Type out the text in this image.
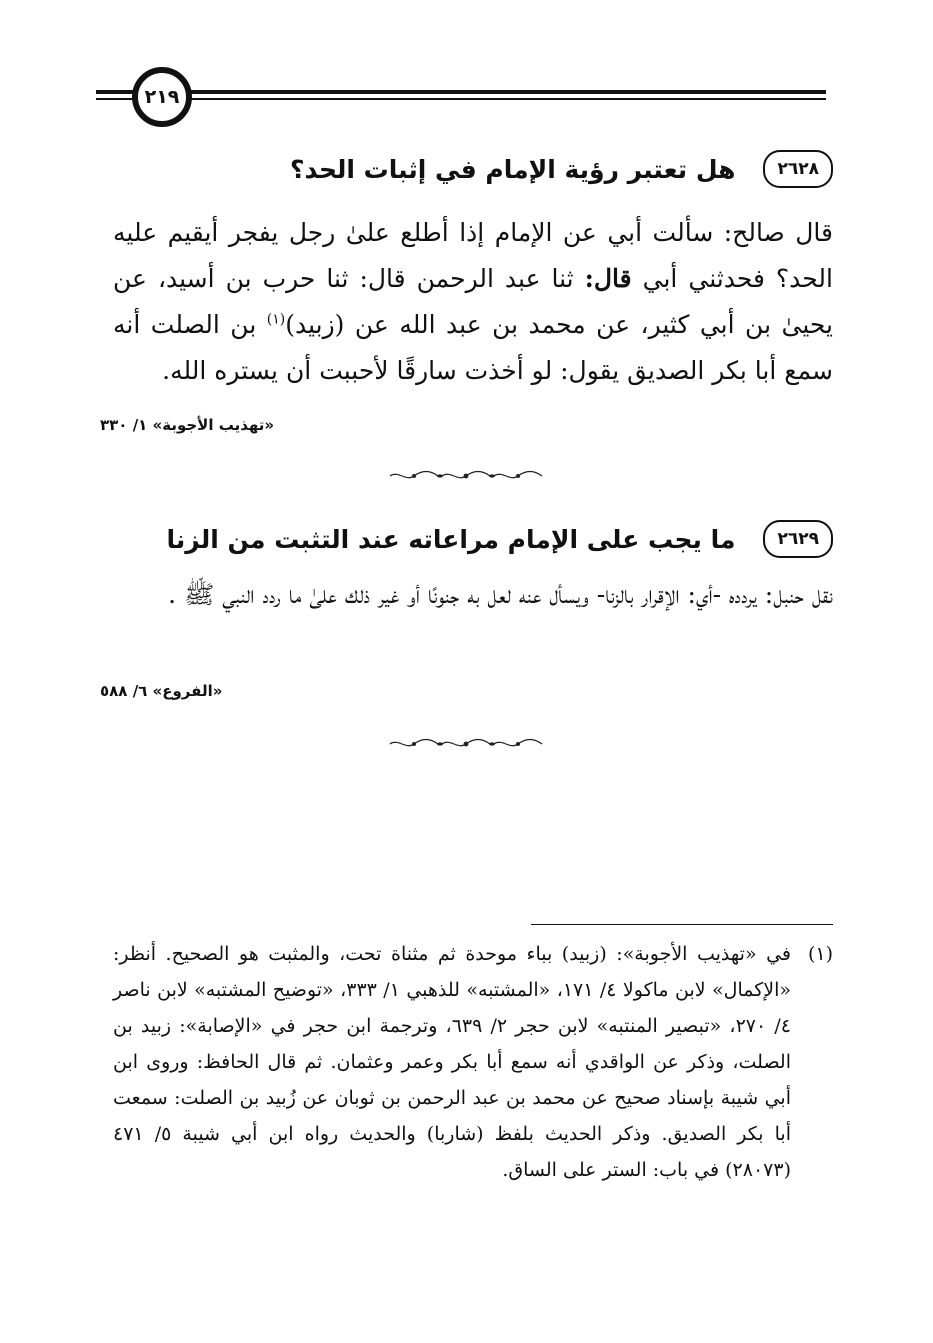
٢١٩
٢٦٢٨
هل تعتبر رؤية الإمام في إثبات الحد؟
قال صالح: سألت أبي عن الإمام إذا أطلع علىٰ رجل يفجر أيقيم عليه الحد؟ فحدثني أبي قال: ثنا عبد الرحمن قال: ثنا حرب بن أسيد، عن يحيىٰ بن أبي كثير، عن محمد بن عبد الله عن (زبيد)$^{(١)}$ بن الصلت أنه سمع أبا بكر الصديق يقول: لو أخذت سارقًا لأحببت أن يستره الله.
«تهذيب الأجوبة» ١/ ٣٣٠
٢٦٢٩
ما يجب على الإمام مراعاته عند التثبت من الزنا
نقل حنبل: يردده -أي: الإقرار بالزنا- ويسأل عنه لعل به جنونًا أو غير ذلك علىٰ ما ردد النبي ﷺ .
«الفروع» ٦/ ٥٨٨
(١)
في «تهذيب الأجوبة»: (زبيد) بباء موحدة ثم مثناة تحت، والمثبت هو الصحيح. أنظر: «الإكمال» لابن ماكولا ٤/ ١٧١، «المشتبه» للذهبي ١/ ٣٣٣، «توضيح المشتبه» لابن ناصر ٤/ ٢٧٠، «تبصير المنتبه» لابن حجر ٢/ ٦٣٩، وترجمة ابن حجر في «الإصابة»: زبيد بن الصلت، وذكر عن الواقدي أنه سمع أبا بكر وعمر وعثمان. ثم قال الحافظ: وروى ابن أبي شيبة بإسناد صحيح عن محمد بن عبد الرحمن بن ثوبان عن زُبيد بن الصلت: سمعت أبا بكر الصديق. وذكر الحديث بلفظ (شاربا) والحديث رواه ابن أبي شيبة ٥/ ٤٧١ (٢٨٠٧٣) في باب: الستر على الساق.
